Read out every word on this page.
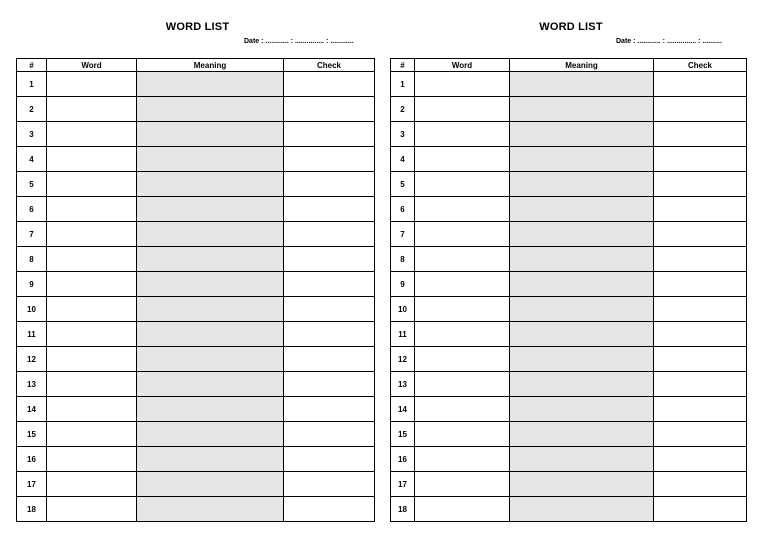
WORD LIST
Date : ............ : ............... : ............
#	Word	Meaning	Check
1			
2			
3			
4			
5			
6			
7			
8			
9			
10			
11			
12			
13			
14			
15			
16			
17			
18			
WORD LIST
Date : ............ : ............... : ..........
#	Word	Meaning	Check
1			
2			
3			
4			
5			
6			
7			
8			
9			
10			
11			
12			
13			
14			
15			
16			
17			
18			
